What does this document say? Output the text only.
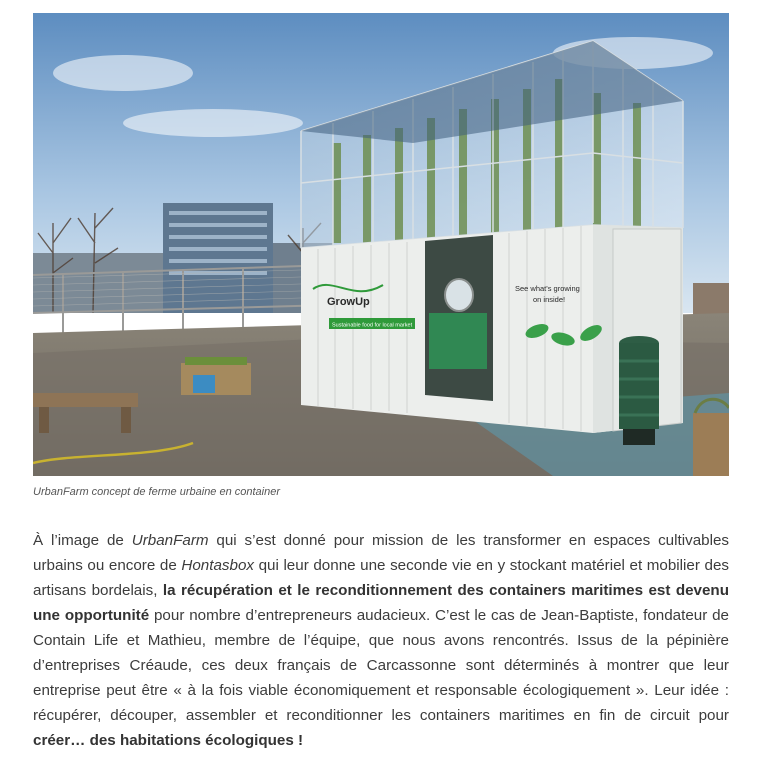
GrowUp
Sustainable food for local market
See what's growing
on inside!

UrbanFarm concept de ferme urbaine en container

À l’image de UrbanFarm qui s’est donné pour mission de les transformer en espaces cultivables urbains ou encore de Hontasbox qui leur donne une seconde vie en y stockant matériel et mobilier des artisans bordelais, la récupération et le reconditionnement des containers maritimes est devenu une opportunité pour nombre d’entrepreneurs audacieux. C’est le cas de Jean-Baptiste, fondateur de Contain Life et Mathieu, membre de l’équipe, que nous avons rencontrés. Issus de la pépinière d’entreprises Créaude, ces deux français de Carcassonne sont déterminés à montrer que leur entreprise peut être « à la fois viable économiquement et responsable écologiquement ». Leur idée : récupérer, découper, assembler et reconditionner les containers maritimes en fin de circuit pour créer… des habitations écologiques !
